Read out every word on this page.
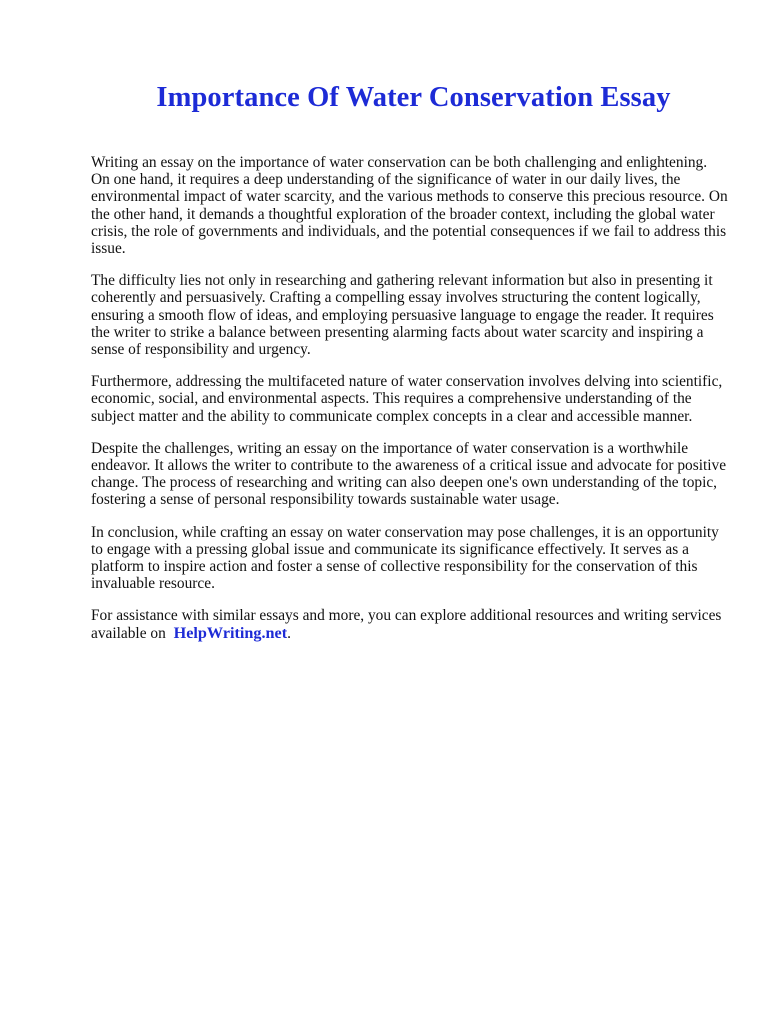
Importance Of Water Conservation Essay

Writing an essay on the importance of water conservation can be both challenging and enlightening. On one hand, it requires a deep understanding of the significance of water in our daily lives, the environmental impact of water scarcity, and the various methods to conserve this precious resource. On the other hand, it demands a thoughtful exploration of the broader context, including the global water crisis, the role of governments and individuals, and the potential consequences if we fail to address this issue.

The difficulty lies not only in researching and gathering relevant information but also in presenting it coherently and persuasively. Crafting a compelling essay involves structuring the content logically, ensuring a smooth flow of ideas, and employing persuasive language to engage the reader. It requires the writer to strike a balance between presenting alarming facts about water scarcity and inspiring a sense of responsibility and urgency.

Furthermore, addressing the multifaceted nature of water conservation involves delving into scientific, economic, social, and environmental aspects. This requires a comprehensive understanding of the subject matter and the ability to communicate complex concepts in a clear and accessible manner.

Despite the challenges, writing an essay on the importance of water conservation is a worthwhile endeavor. It allows the writer to contribute to the awareness of a critical issue and advocate for positive change. The process of researching and writing can also deepen one's own understanding of the topic, fostering a sense of personal responsibility towards sustainable water usage.

In conclusion, while crafting an essay on water conservation may pose challenges, it is an opportunity to engage with a pressing global issue and communicate its significance effectively. It serves as a platform to inspire action and foster a sense of collective responsibility for the conservation of this invaluable resource.

For assistance with similar essays and more, you can explore additional resources and writing services available on HelpWriting.net.
